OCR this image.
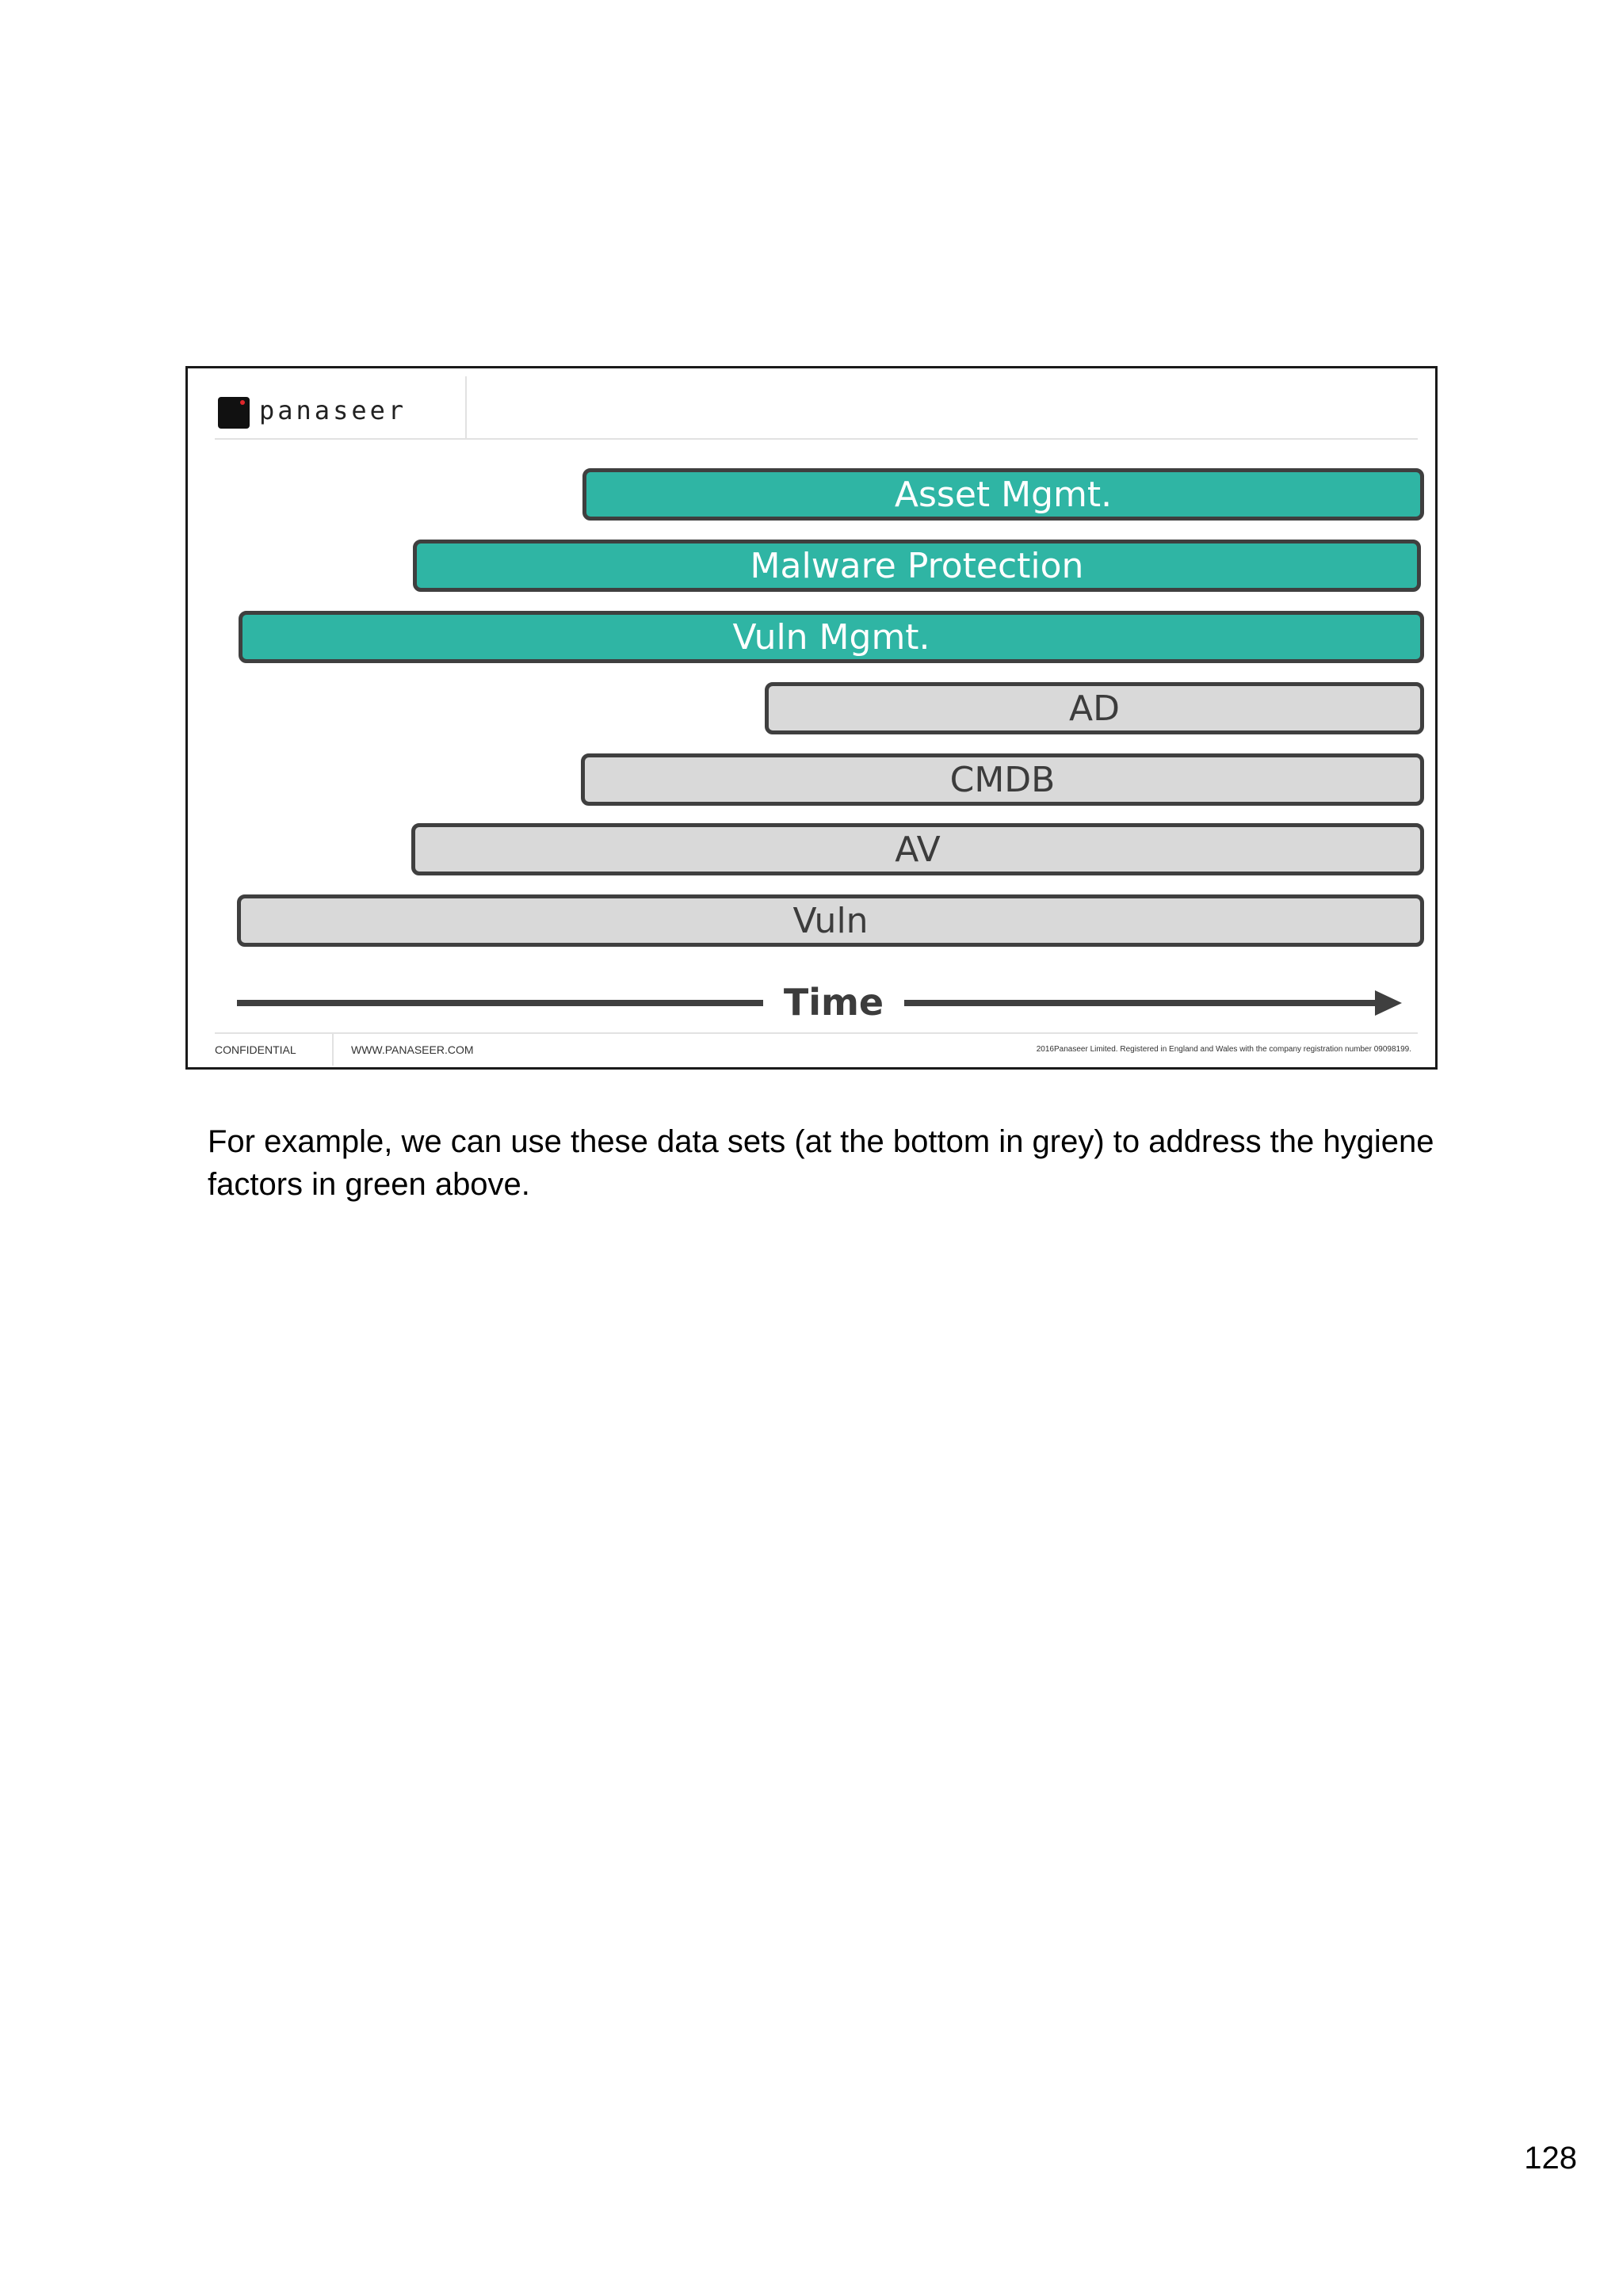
panaseer
Asset Mgmt.
Malware Protection
Vuln Mgmt.
AD
CMDB
AV
Vuln
Time
CONFIDENTIAL	WWW.PANASEER.COM	2016Panaseer Limited. Registered in England and Wales with the company registration number 09098199.
For example, we can use these data sets (at the bottom in grey) to address the hygiene factors in green above.
128
